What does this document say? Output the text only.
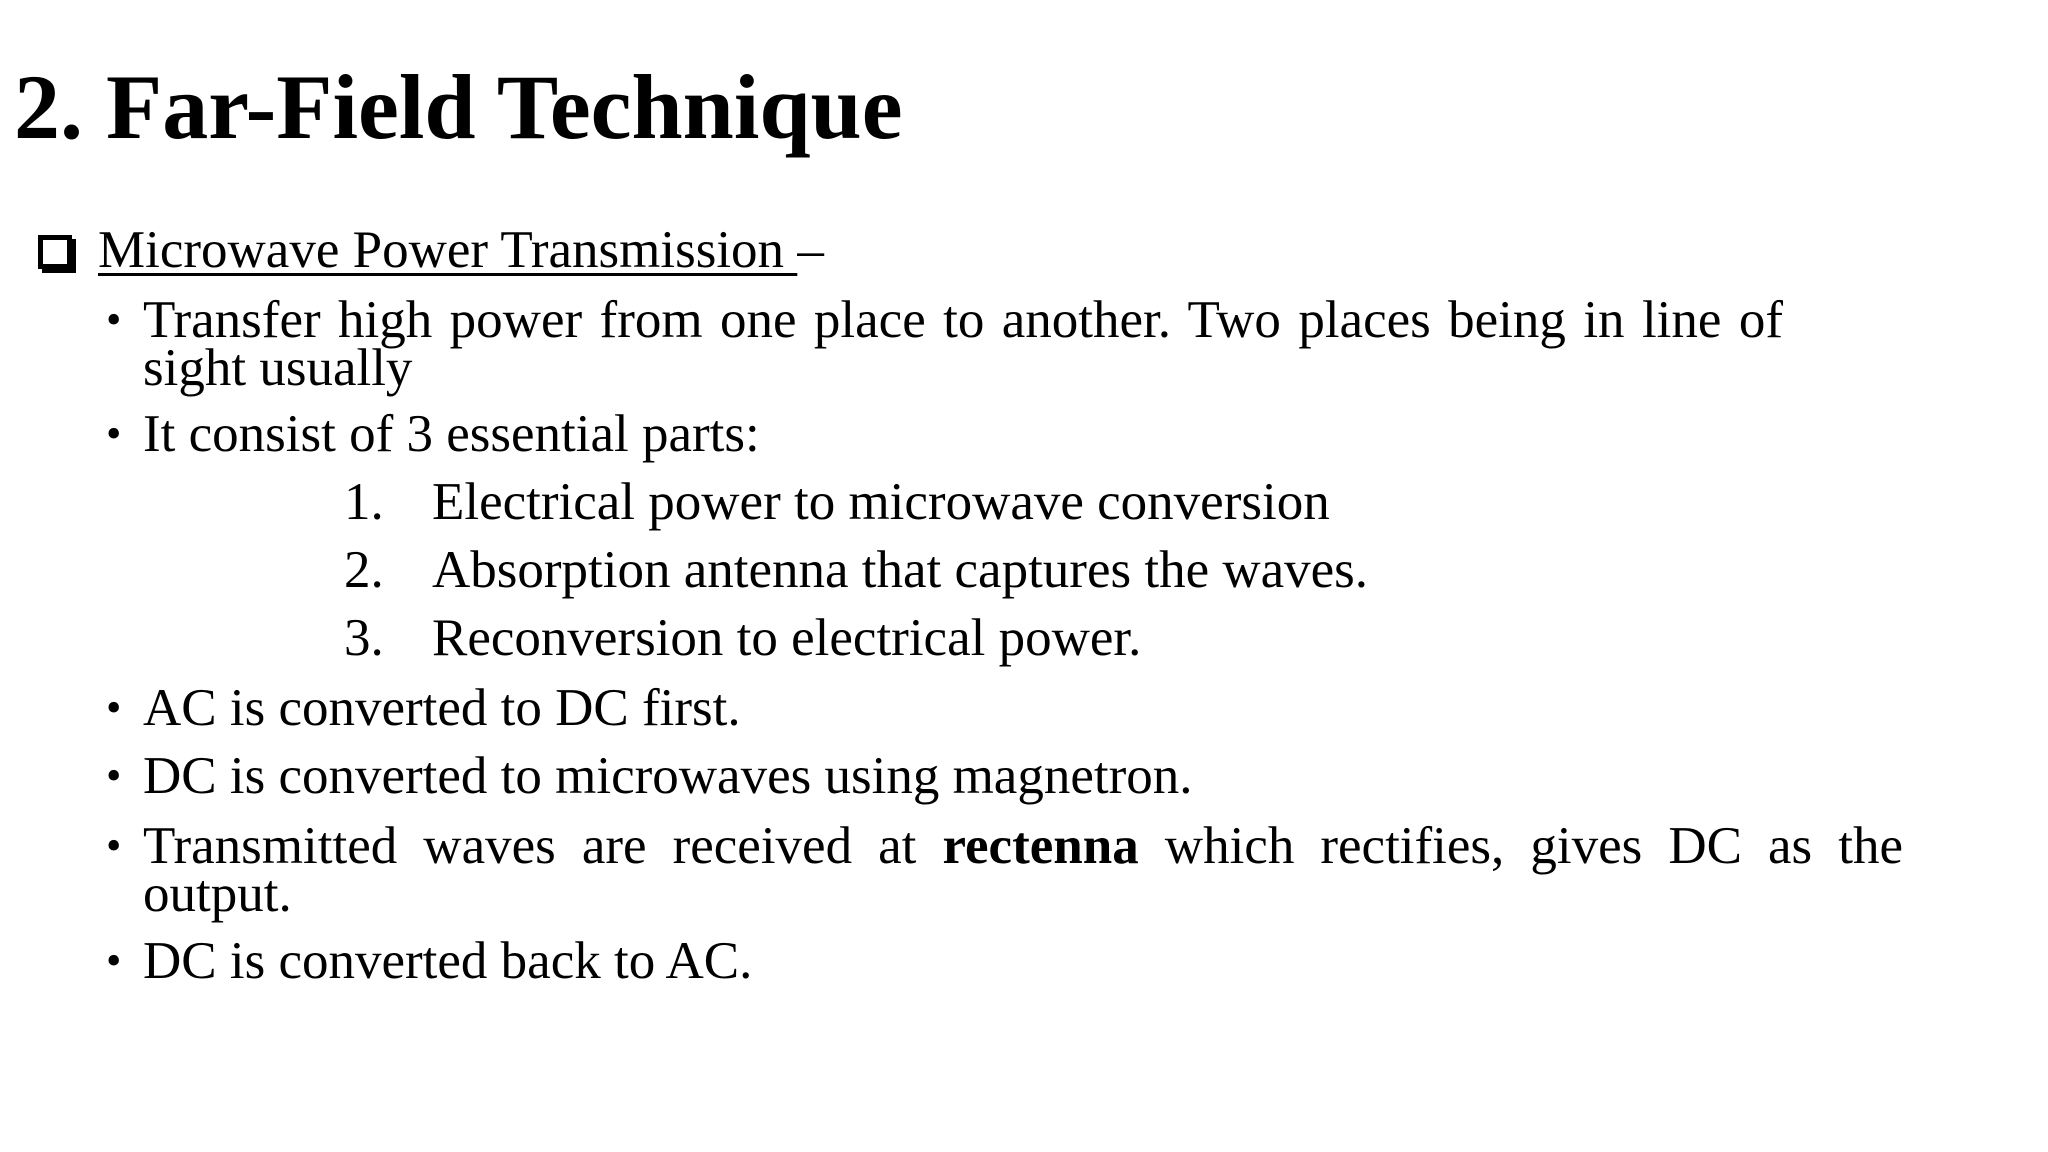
2. Far-Field Technique
Microwave Power Transmission –
• Transfer high power from one place to another. Two places being in line of
sight usually
• It consist of 3 essential parts:
1. Electrical power to microwave conversion
2. Absorption antenna that captures the waves.
3. Reconversion to electrical power.
• AC is converted to DC first.
• DC is converted to microwaves using magnetron.
• Transmitted waves are received at rectenna which rectifies, gives DC as the output.
• DC is converted back to AC.
